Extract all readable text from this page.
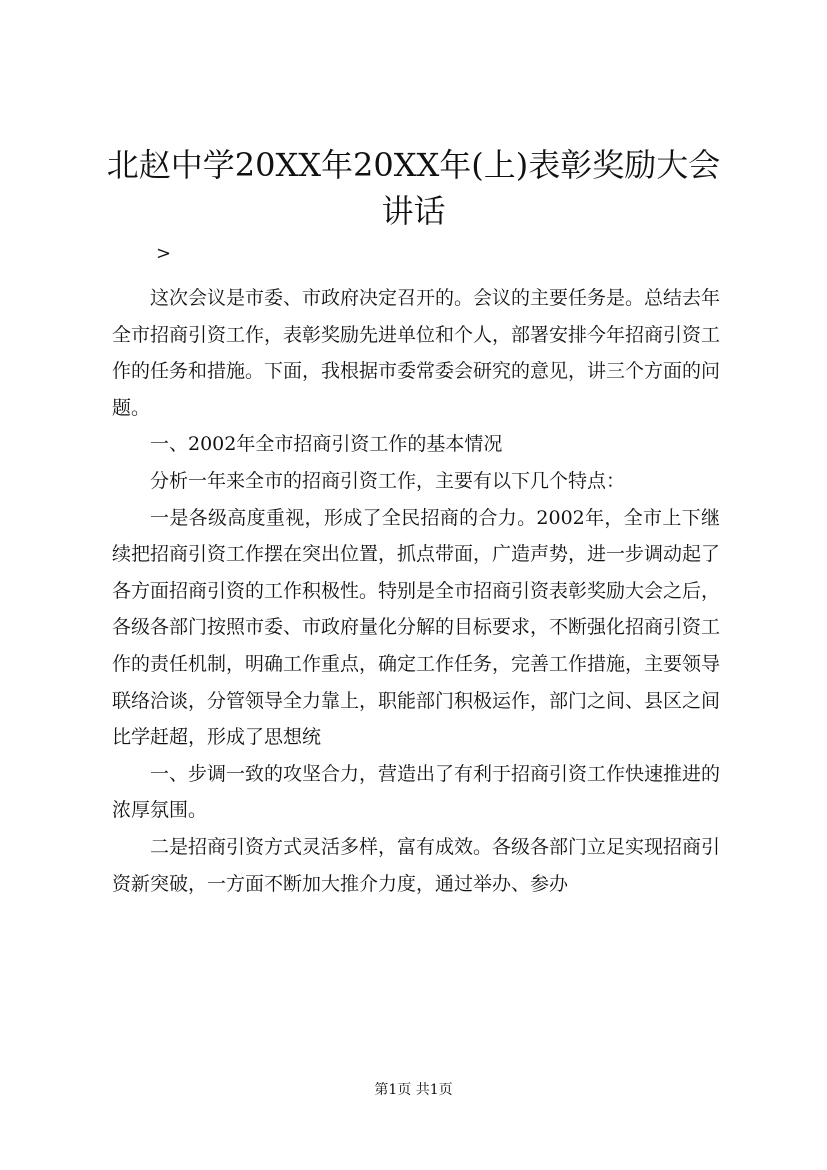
北赵中学20XX年20XX年(上)表彰奖励大会讲话
>

这次会议是市委、市政府决定召开的。会议的主要任务是。总结去年全市招商引资工作，表彰奖励先进单位和个人，部署安排今年招商引资工作的任务和措施。下面，我根据市委常委会研究的意见，讲三个方面的问题。

一、2002年全市招商引资工作的基本情况

分析一年来全市的招商引资工作，主要有以下几个特点：

一是各级高度重视，形成了全民招商的合力。2002年，全市上下继续把招商引资工作摆在突出位置，抓点带面，广造声势，进一步调动起了各方面招商引资的工作积极性。特别是全市招商引资表彰奖励大会之后，各级各部门按照市委、市政府量化分解的目标要求，不断强化招商引资工作的责任机制，明确工作重点，确定工作任务，完善工作措施，主要领导联络洽谈，分管领导全力靠上，职能部门积极运作，部门之间、县区之间比学赶超，形成了思想统

一、步调一致的攻坚合力，营造出了有利于招商引资工作快速推进的浓厚氛围。

二是招商引资方式灵活多样，富有成效。各级各部门立足实现招商引资新突破，一方面不断加大推介力度，通过举办、参办

第1页 共1页
